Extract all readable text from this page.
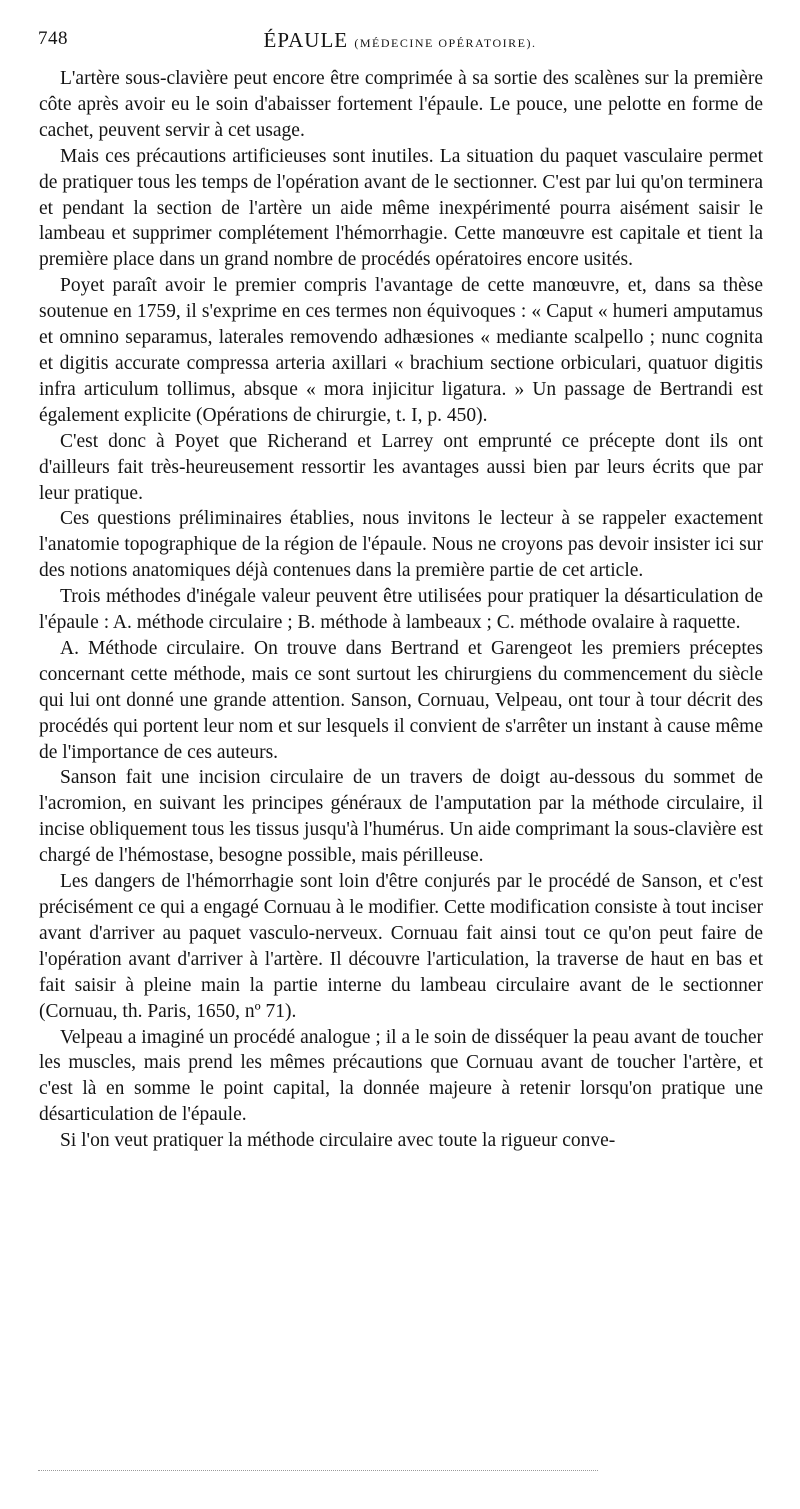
748	ÉPAULE (MÉDECINE OPÉRATOIRE).

L'artère sous-clavière peut encore être comprimée à sa sortie des scalènes sur la première côte après avoir eu le soin d'abaisser fortement l'épaule. Le pouce, une pelotte en forme de cachet, peuvent servir à cet usage.

Mais ces précautions artificieuses sont inutiles. La situation du paquet vasculaire permet de pratiquer tous les temps de l'opération avant de le sectionner. C'est par lui qu'on terminera et pendant la section de l'artère un aide même inexpérimenté pourra aisément saisir le lambeau et supprimer complétement l'hémorrhagie. Cette manœuvre est capitale et tient la première place dans un grand nombre de procédés opératoires encore usités.

Poyet paraît avoir le premier compris l'avantage de cette manœuvre, et, dans sa thèse soutenue en 1759, il s'exprime en ces termes non équivoques : « Caput « humeri amputamus et omnino separamus, laterales removendo adhæsiones « mediante scalpello ; nunc cognita et digitis accurate compressa arteria axillari « brachium sectione orbiculari, quatuor digitis infra articulum tollimus, absque « mora injicitur ligatura. » Un passage de Bertrandi est également explicite (Opérations de chirurgie, t. I, p. 450).

C'est donc à Poyet que Richerand et Larrey ont emprunté ce précepte dont ils ont d'ailleurs fait très-heureusement ressortir les avantages aussi bien par leurs écrits que par leur pratique.

Ces questions préliminaires établies, nous invitons le lecteur à se rappeler exactement l'anatomie topographique de la région de l'épaule. Nous ne croyons pas devoir insister ici sur des notions anatomiques déjà contenues dans la première partie de cet article.

Trois méthodes d'inégale valeur peuvent être utilisées pour pratiquer la désarticulation de l'épaule : A. méthode circulaire ; B. méthode à lambeaux ; C. méthode ovalaire à raquette.

A. Méthode circulaire. On trouve dans Bertrand et Garengeot les premiers préceptes concernant cette méthode, mais ce sont surtout les chirurgiens du commencement du siècle qui lui ont donné une grande attention. Sanson, Cornuau, Velpeau, ont tour à tour décrit des procédés qui portent leur nom et sur lesquels il convient de s'arrêter un instant à cause même de l'importance de ces auteurs.

Sanson fait une incision circulaire de un travers de doigt au-dessous du sommet de l'acromion, en suivant les principes généraux de l'amputation par la méthode circulaire, il incise obliquement tous les tissus jusqu'à l'humérus. Un aide comprimant la sous-clavière est chargé de l'hémostase, besogne possible, mais périlleuse.

Les dangers de l'hémorrhagie sont loin d'être conjurés par le procédé de Sanson, et c'est précisément ce qui a engagé Cornuau à le modifier. Cette modification consiste à tout inciser avant d'arriver au paquet vasculo-nerveux. Cornuau fait ainsi tout ce qu'on peut faire de l'opération avant d'arriver à l'artère. Il découvre l'articulation, la traverse de haut en bas et fait saisir à pleine main la partie interne du lambeau circulaire avant de le sectionner (Cornuau, th. Paris, 1650, nº 71).

Velpeau a imaginé un procédé analogue ; il a le soin de disséquer la peau avant de toucher les muscles, mais prend les mêmes précautions que Cornuau avant de toucher l'artère, et c'est là en somme le point capital, la donnée majeure à retenir lorsqu'on pratique une désarticulation de l'épaule.

Si l'on veut pratiquer la méthode circulaire avec toute la rigueur conve-
